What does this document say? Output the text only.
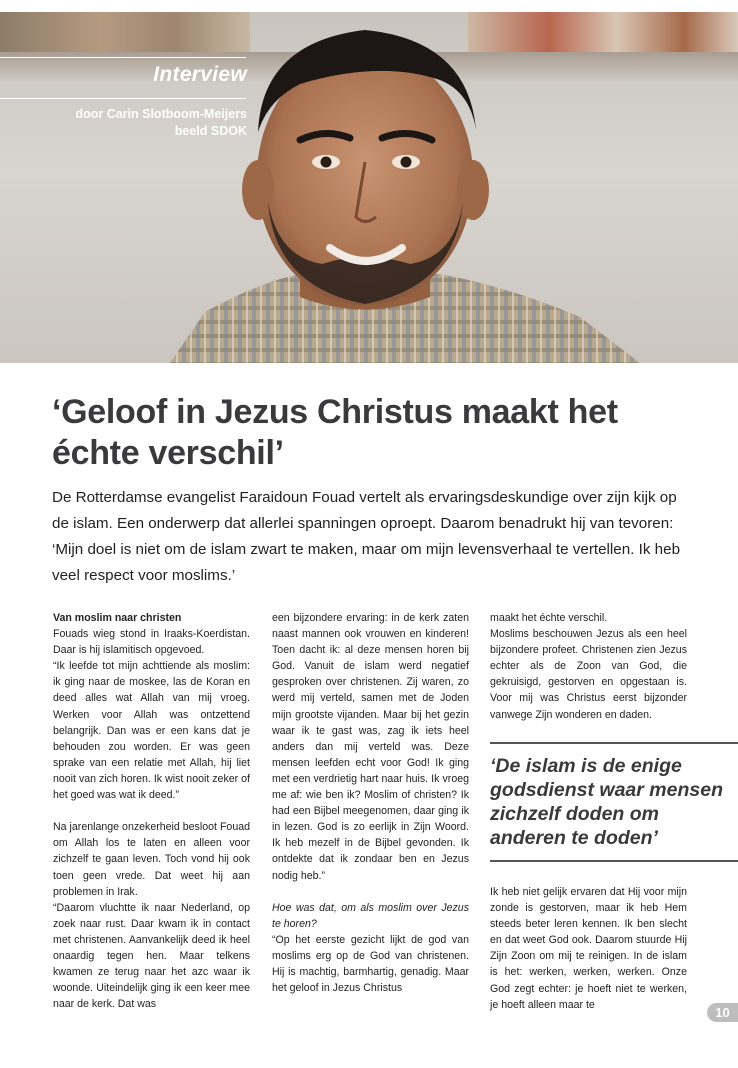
Interview
door Carin Slotboom-Meijers
beeld SDOK
‘Geloof in Jezus Christus maakt het échte verschil’

De Rotterdamse evangelist Faraidoun Fouad vertelt als ervaringsdeskundige over zijn kijk op de islam. Een onderwerp dat allerlei spanningen oproept. Daarom benadrukt hij van tevoren: ‘Mijn doel is niet om de islam zwart te maken, maar om mijn levensverhaal te vertellen. Ik heb veel respect voor moslims.’

Van moslim naar christen

Fouads wieg stond in Iraaks-Koerdistan. Daar is hij islamitisch opgevoed.

“Ik leefde tot mijn achttiende als moslim: ik ging naar de moskee, las de Koran en deed alles wat Allah van mij vroeg. Werken voor Allah was ontzettend belangrijk. Dan was er een kans dat je behouden zou worden. Er was geen sprake van een relatie met Allah, hij liet nooit van zich horen. Ik wist nooit zeker of het goed was wat ik deed.”

Na jarenlange onzekerheid besloot Fouad om Allah los te laten en alleen voor zichzelf te gaan leven. Toch vond hij ook toen geen vrede. Dat weet hij aan problemen in Irak.

“Daarom vluchtte ik naar Nederland, op zoek naar rust. Daar kwam ik in contact met christenen. Aanvankelijk deed ik heel onaardig tegen hen. Maar telkens kwamen ze terug naar het azc waar ik woonde. Uiteindelijk ging ik een keer mee naar de kerk. Dat was

een bijzondere ervaring: in de kerk zaten naast mannen ook vrouwen en kinderen! Toen dacht ik: al deze mensen horen bij God. Vanuit de islam werd negatief gesproken over christenen. Zij waren, zo werd mij verteld, samen met de Joden mijn grootste vijanden. Maar bij het gezin waar ik te gast was, zag ik iets heel anders dan mij verteld was. Deze mensen leefden echt voor God! Ik ging met een verdrietig hart naar huis. Ik vroeg me af: wie ben ik? Moslim of christen? Ik had een Bijbel meegenomen, daar ging ik in lezen. God is zo eerlijk in Zijn Woord. Ik heb mezelf in de Bijbel gevonden. Ik ontdekte dat ik zondaar ben en Jezus nodig heb.”

Hoe was dat, om als moslim over Jezus te horen?

“Op het eerste gezicht lijkt de god van moslims erg op de God van christenen. Hij is machtig, barmhartig, genadig. Maar het geloof in Jezus Christus

maakt het échte verschil.

Moslims beschouwen Jezus als een heel bijzondere profeet. Christenen zien Jezus echter als de Zoon van God, die gekruisigd, gestorven en opgestaan is. Voor mij was Christus eerst bijzonder vanwege Zijn wonderen en daden.

‘De islam is de enige godsdienst waar mensen zichzelf doden om anderen te doden’

Ik heb niet gelijk ervaren dat Hij voor mijn zonde is gestorven, maar ik heb Hem steeds beter leren kennen. Ik ben slecht en dat weet God ook. Daarom stuurde Hij Zijn Zoon om mij te reinigen. In de islam is het: werken, werken, werken. Onze God zegt echter: je hoeft niet te werken, je hoeft alleen maar te

10
